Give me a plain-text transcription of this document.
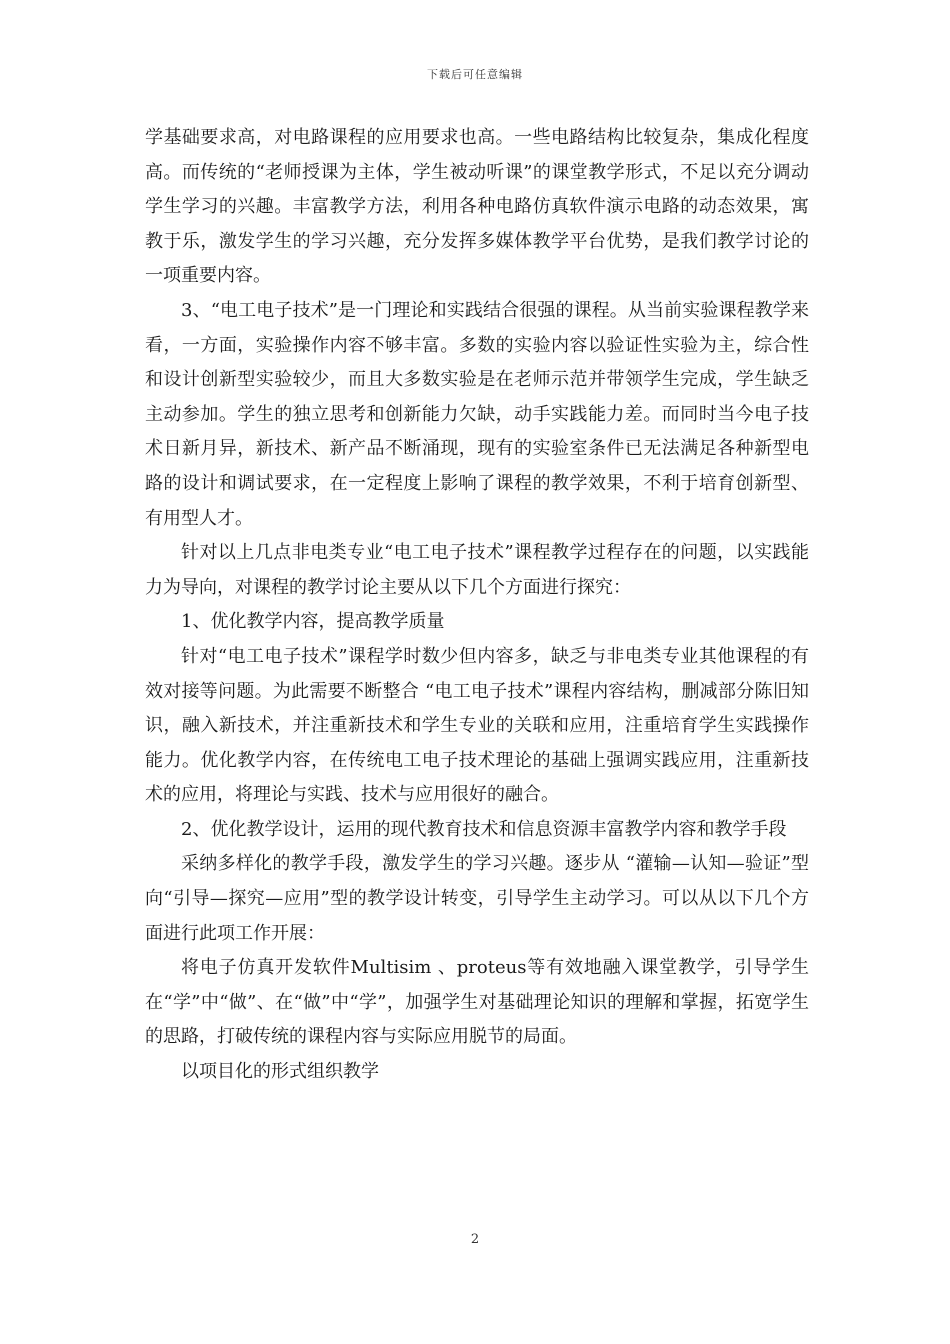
下载后可任意编辑

学基础要求高，对电路课程的应用要求也高。一些电路结构比较复杂，集成化程度高。而传统的“老师授课为主体，学生被动听课”的课堂教学形式，不足以充分调动学生学习的兴趣。丰富教学方法，利用各种电路仿真软件演示电路的动态效果，寓教于乐，激发学生的学习兴趣，充分发挥多媒体教学平台优势，是我们教学讨论的一项重要内容。

3、“电工电子技术”是一门理论和实践结合很强的课程。从当前实验课程教学来看，一方面，实验操作内容不够丰富。多数的实验内容以验证性实验为主，综合性和设计创新型实验较少，而且大多数实验是在老师示范并带领学生完成，学生缺乏主动参加。学生的独立思考和创新能力欠缺，动手实践能力差。而同时当今电子技术日新月异，新技术、新产品不断涌现，现有的实验室条件已无法满足各种新型电路的设计和调试要求，在一定程度上影响了课程的教学效果，不利于培育创新型、有用型人才。

针对以上几点非电类专业“电工电子技术”课程教学过程存在的问题，以实践能力为导向，对课程的教学讨论主要从以下几个方面进行探究：

1、优化教学内容，提高教学质量

针对“电工电子技术”课程学时数少但内容多，缺乏与非电类专业其他课程的有效对接等问题。为此需要不断整合 “电工电子技术”课程内容结构，删减部分陈旧知识，融入新技术，并注重新技术和学生专业的关联和应用，注重培育学生实践操作能力。优化教学内容，在传统电工电子技术理论的基础上强调实践应用，注重新技术的应用，将理论与实践、技术与应用很好的融合。

2、优化教学设计，运用的现代教育技术和信息资源丰富教学内容和教学手段

采纳多样化的教学手段，激发学生的学习兴趣。逐步从 “灌输—认知—验证”型向“引导—探究—应用”型的教学设计转变，引导学生主动学习。可以从以下几个方面进行此项工作开展：

将电子仿真开发软件Multisim 、proteus等有效地融入课堂教学，引导学生在“学”中“做”、在“做”中“学”，加强学生对基础理论知识的理解和掌握，拓宽学生的思路，打破传统的课程内容与实际应用脱节的局面。

以项目化的形式组织教学

2
